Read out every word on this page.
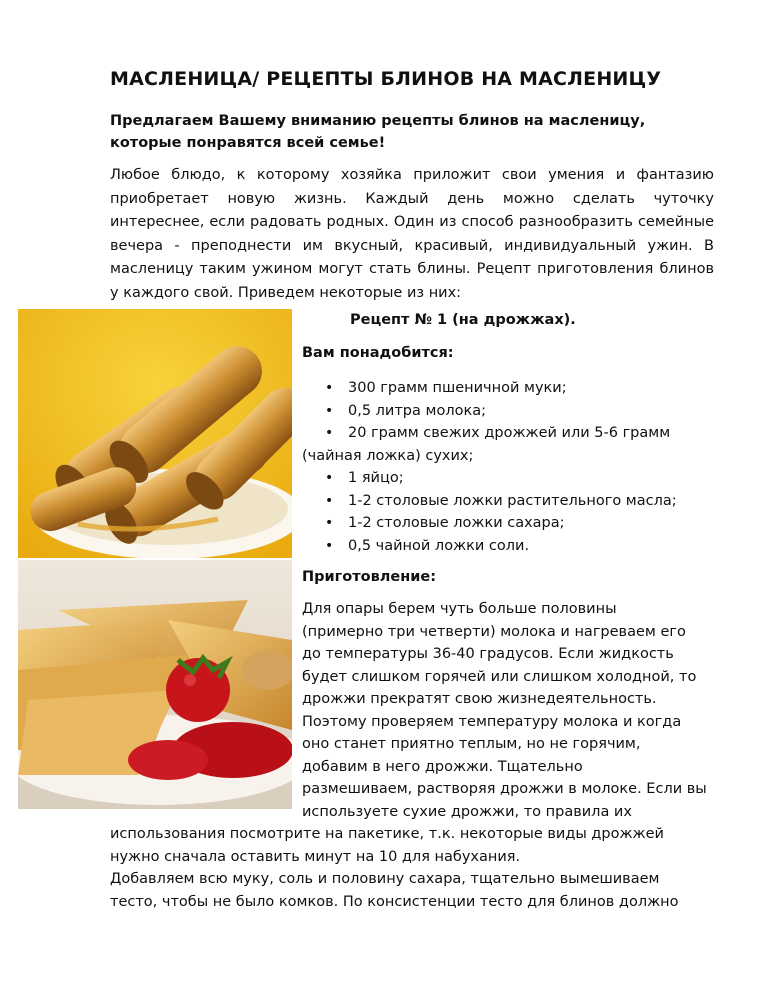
МАСЛЕНИЦА/ РЕЦЕПТЫ БЛИНОВ НА МАСЛЕНИЦУ
Предлагаем Вашему вниманию рецепты блинов на масленицу, которые понравятся всей семье!
Любое блюдо, к которому хозяйка приложит свои умения и фантазию приобретает новую жизнь. Каждый день можно сделать чуточку интереснее, если радовать родных. Один из способ разнообразить семейные вечера - преподнести им вкусный, красивый, индивидуальный ужин. В масленицу таким ужином могут стать блины. Рецепт приготовления блинов у каждого свой. Приведем некоторые из них:
Рецепт № 1 (на дрожжах).
Вам понадобится:
• 300 грамм пшеничной муки;
• 0,5 литра молока;
• 20 грамм свежих дрожжей или 5-6 грамм (чайная ложка) сухих;
• 1 яйцо;
• 1-2 столовые ложки растительного масла;
• 1-2 столовые ложки сахара;
• 0,5 чайной ложки соли.
Приготовление:
Для опары берем чуть больше половины
(примерно три четверти) молока и нагреваем его
до температуры 36-40 градусов. Если жидкость
будет слишком горячей или слишком холодной, то
дрожжи прекратят свою жизнедеятельность.
Поэтому проверяем температуру молока и когда
оно станет приятно теплым, но не горячим,
добавим в него дрожжи. Тщательно
размешиваем, растворяя дрожжи в молоке. Если вы
используете сухие дрожжи, то правила их
использования посмотрите на пакетике, т.к. некоторые виды дрожжей
нужно сначала оставить минут на 10 для набухания.
Добавляем всю муку, соль и половину сахара, тщательно вымешиваем
тесто, чтобы не было комков. По консистенции тесто для блинов должно
